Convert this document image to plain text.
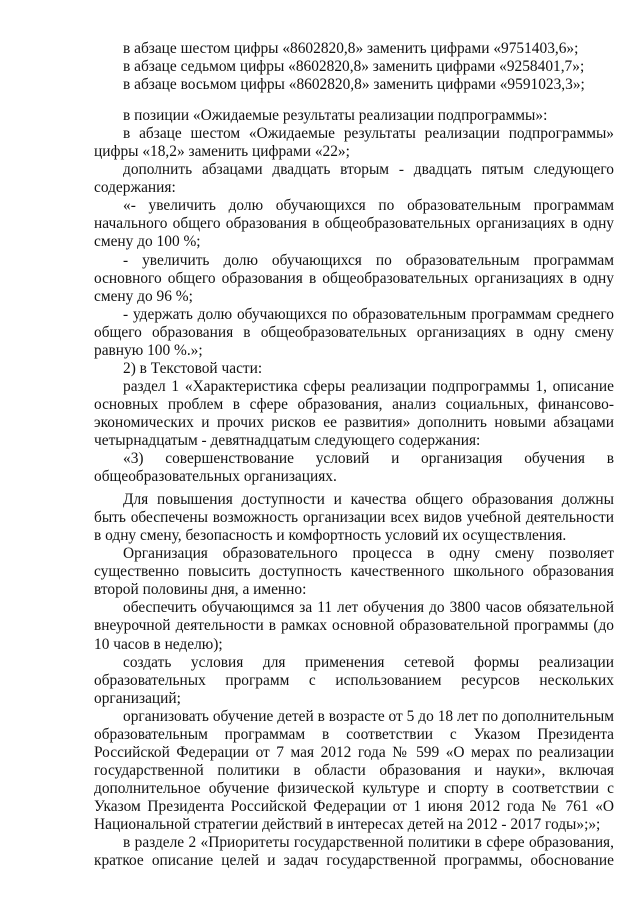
в абзаце шестом цифры «8602820,8» заменить цифрами «9751403,6»;

в абзаце седьмом цифры «8602820,8» заменить цифрами «9258401,7»;

в абзаце восьмом цифры «8602820,8» заменить цифрами «9591023,3»;

в позиции «Ожидаемые результаты реализации подпрограммы»:

в абзаце шестом «Ожидаемые результаты реализации подпрограммы» цифры «18,2» заменить цифрами «22»;

дополнить абзацами двадцать вторым - двадцать пятым следующего содержания:

«- увеличить долю обучающихся по образовательным программам начального общего образования в общеобразовательных организациях в одну смену до 100 %;

- увеличить долю обучающихся по образовательным программам основного общего образования в общеобразовательных организациях в одну смену до 96 %;

- удержать долю обучающихся по образовательным программам среднего общего образования в общеобразовательных организациях в одну смену равную 100 %.»;

2) в Текстовой части:

раздел 1 «Характеристика сферы реализации подпрограммы 1, описание основных проблем в сфере образования, анализ социальных, финансово-экономических и прочих рисков ее развития» дополнить новыми абзацами четырнадцатым - девятнадцатым следующего содержания:

«3) совершенствование условий и организация обучения в общеобразовательных организациях.

Для повышения доступности и качества общего образования должны быть обеспечены возможность организации всех видов учебной деятельности в одну смену, безопасность и комфортность условий их осуществления.

Организация образовательного процесса в одну смену позволяет существенно повысить доступность качественного школьного образования второй половины дня, а именно:

обеспечить обучающимся за 11 лет обучения до 3800 часов обязательной внеурочной деятельности в рамках основной образовательной программы (до 10 часов в неделю);

создать условия для применения сетевой формы реализации образовательных программ с использованием ресурсов нескольких организаций;

организовать обучение детей в возрасте от 5 до 18 лет по дополнительным образовательным программам в соответствии с Указом Президента Российской Федерации от 7 мая 2012 года № 599 «О мерах по реализации государственной политики в области образования и науки», включая дополнительное обучение физической культуре и спорту в соответствии с Указом Президента Российской Федерации от 1 июня 2012 года № 761 «О Национальной стратегии действий в интересах детей на 2012 - 2017 годы»;»;

в разделе 2 «Приоритеты государственной политики в сфере образования, краткое описание целей и задач государственной программы, обоснование
